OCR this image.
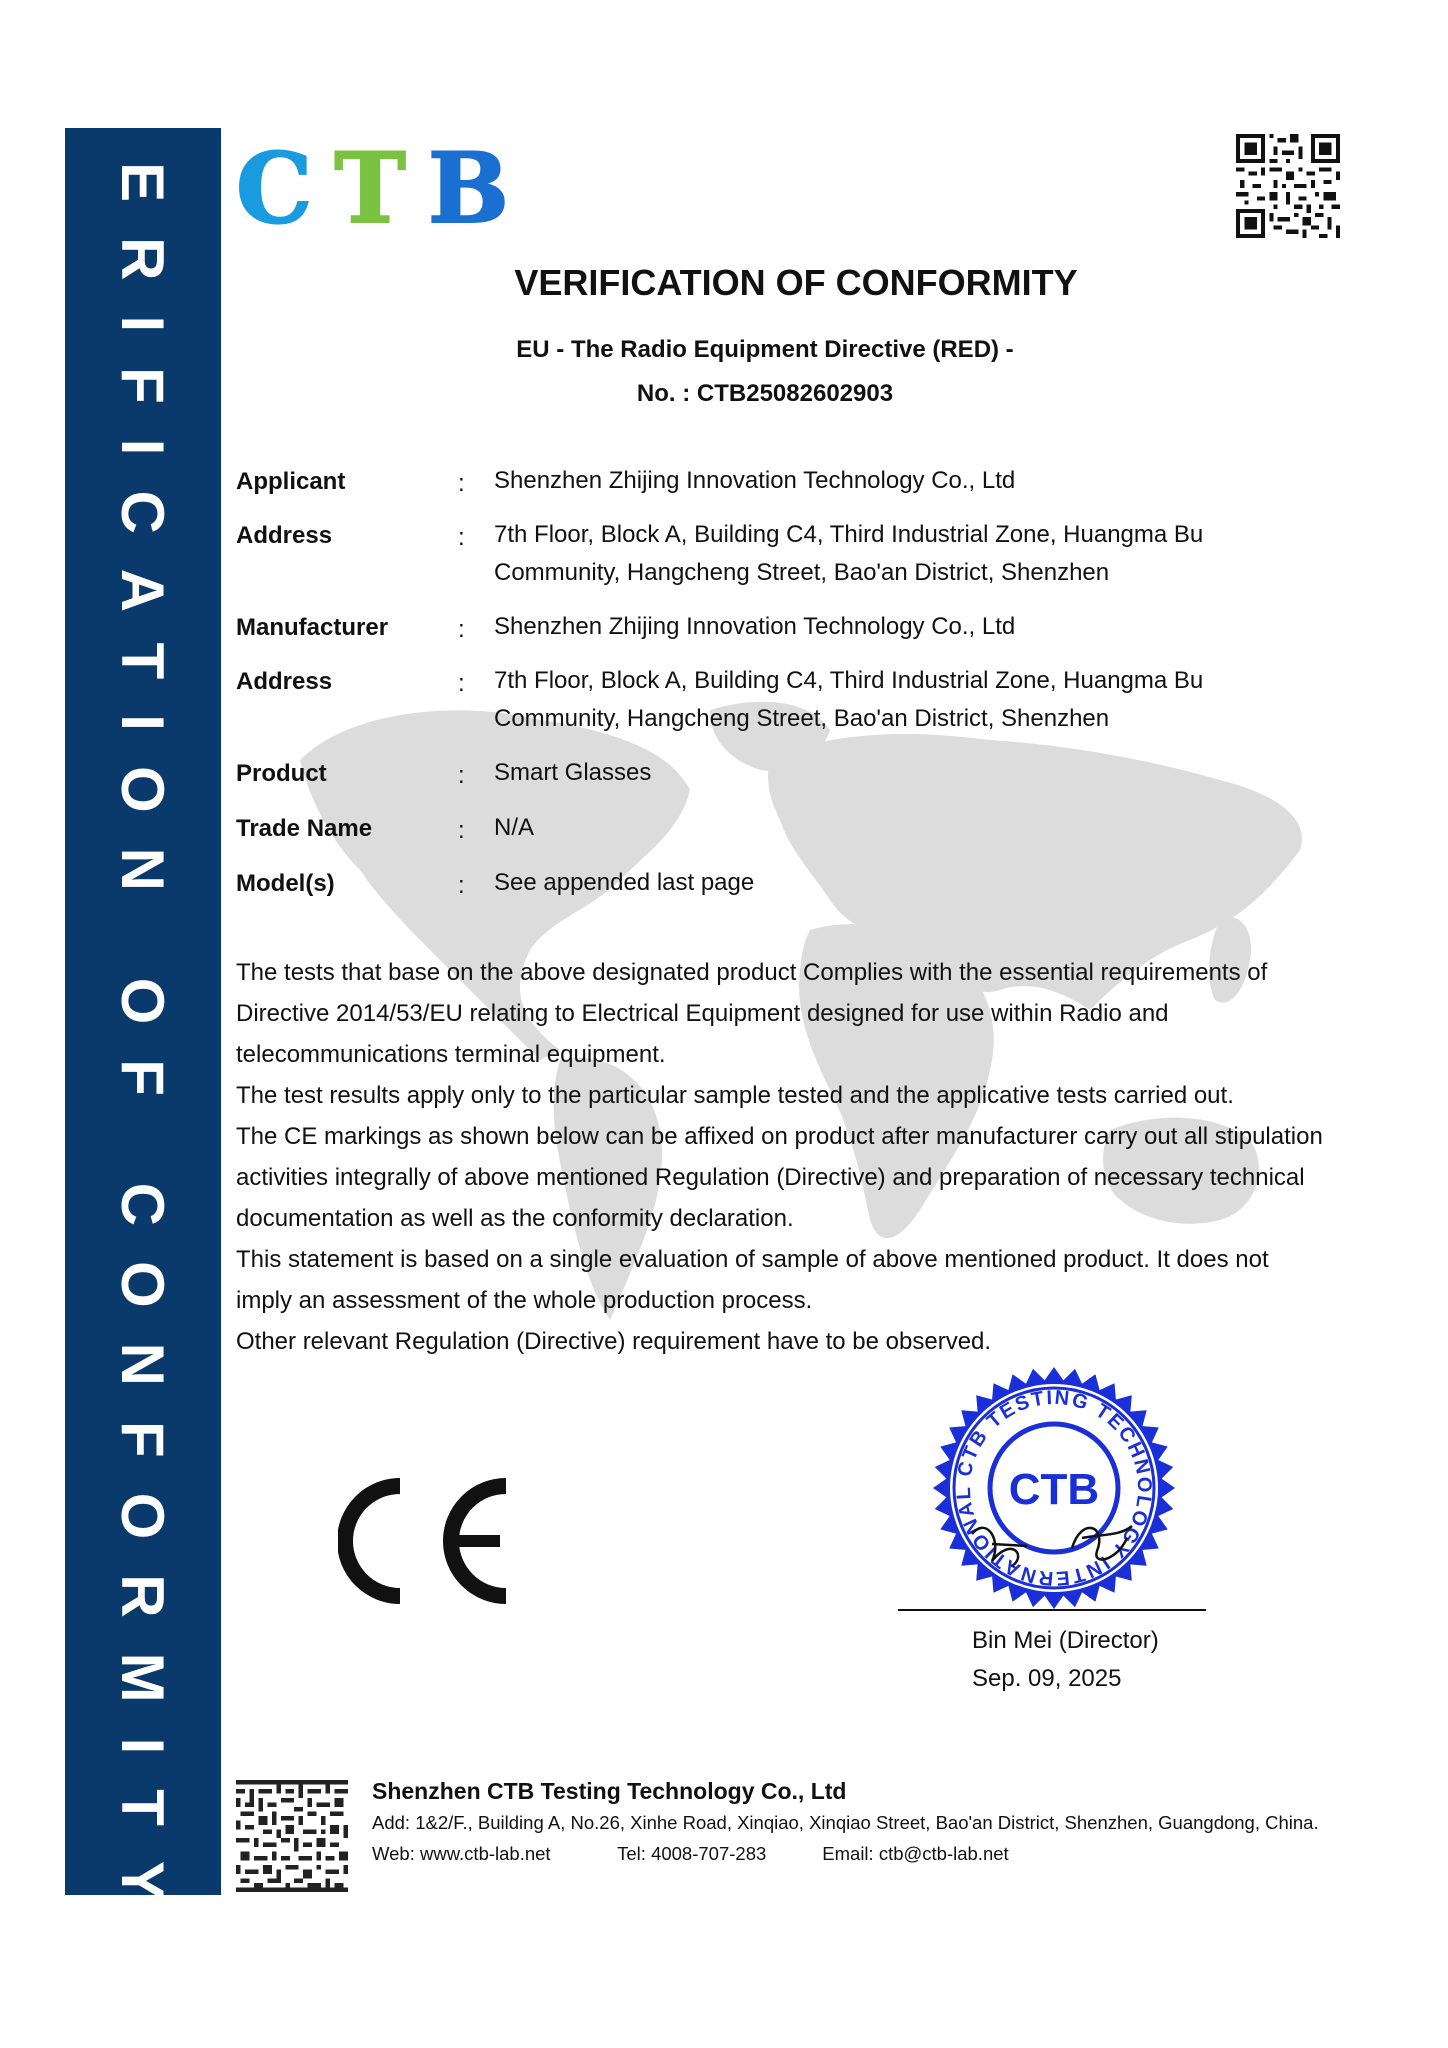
VERIFICATION OF CONFORMITY C T B
VERIFICATION OF CONFORMITY
EU - The Radio Equipment Directive (RED) -
No. : CTB25082602903
Applicant	:	Shenzhen Zhijing Innovation Technology Co., Ltd
Address	:	7th Floor, Block A, Building C4, Third Industrial Zone, Huangma Bu
Community, Hangcheng Street, Bao'an District, Shenzhen
Manufacturer	:	Shenzhen Zhijing Innovation Technology Co., Ltd
Address	:	7th Floor, Block A, Building C4, Third Industrial Zone, Huangma Bu
Community, Hangcheng Street, Bao'an District, Shenzhen
Product	:	Smart Glasses
Trade Name	:	N/A
Model(s)	:	See appended last page

The tests that base on the above designated product Complies with the essential requirements of Directive 2014/53/EU relating to Electrical Equipment designed for use within Radio and telecommunications terminal equipment.

The test results apply only to the particular sample tested and the applicative tests carried out.

The CE markings as shown below can be affixed on product after manufacturer carry out all stipulation activities integrally of above mentioned Regulation (Directive) and preparation of necessary technical documentation as well as the conformity declaration.

This statement is based on a single evaluation of sample of above mentioned product. It does not imply an assessment of the whole production process.

Other relevant Regulation (Directive) requirement have to be observed.

CTB TESTING TECHNOLOGY INTERNATIONAL CTB
Bin Mei (Director)
Sep. 09, 2025
Shenzhen CTB Testing Technology Co., Ltd
Add: 1&2/F., Building A, No.26, Xinhe Road, Xinqiao, Xinqiao Street, Bao'an District, Shenzhen, Guangdong, China.
Web: www.ctb-lab.net	Tel: 4008-707-283	Email: ctb@ctb-lab.net
